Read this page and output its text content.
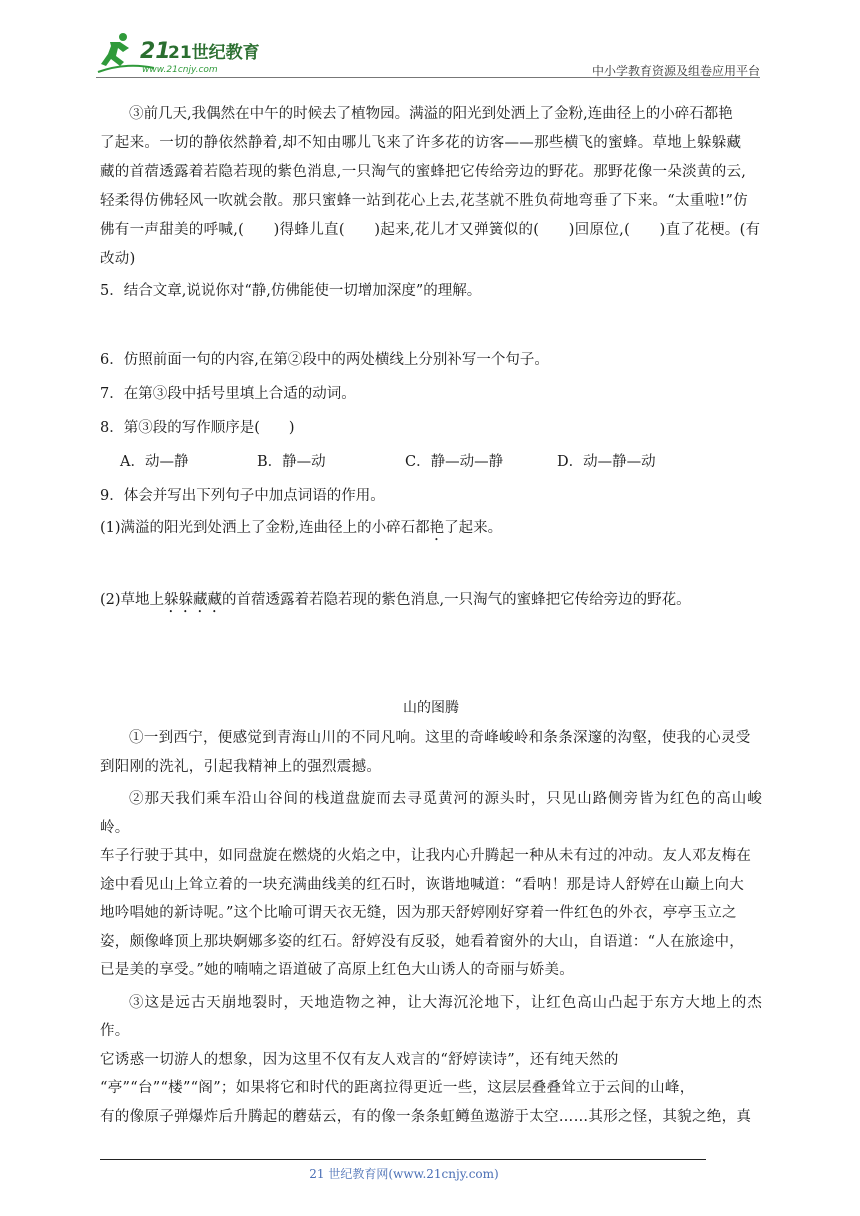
21
21世纪教育
www.21cnjy.com	中小学教育资源及组卷应用平台

③前几天,我偶然在中午的时候去了植物园。满溢的阳光到处洒上了金粉,连曲径上的小碎石都艳

了起来。一切的静依然静着,却不知由哪儿飞来了许多花的访客——那些横飞的蜜蜂。草地上躲躲藏

藏的首蓿透露着若隐若现的紫色消息,一只淘气的蜜蜂把它传给旁边的野花。那野花像一朵淡黄的云,

轻柔得仿佛轻风一吹就会散。那只蜜蜂一站到花心上去,花茎就不胜负荷地弯垂了下来。“太重啦!”仿

佛有一声甜美的呼喊,(　　)得蜂儿直(　　)起来,花儿才又弹簧似的(　　)回原位,(　　)直了花梗。(有

改动)

5．结合文章,说说你对“静,仿佛能使一切增加深度”的理解。

6．仿照前面一句的内容,在第②段中的两处横线上分别补写一个句子。

7．在第③段中括号里填上合适的动词。

8．第③段的写作顺序是(　　)

A．动—静	B．静—动	C．静—动—静	D．动—静—动

9．体会并写出下列句子中加点词语的作用。

(1)满溢的阳光到处洒上了金粉,连曲径上的小碎石都艳了起来。

(2)草地上躲躲藏藏的首蓿透露着若隐若现的紫色消息,一只淘气的蜜蜂把它传给旁边的野花。

山的图腾

①一到西宁，便感觉到青海山川的不同凡响。这里的奇峰峻岭和条条深邃的沟壑，使我的心灵受

到阳刚的洗礼，引起我精神上的强烈震撼。

②那天我们乘车沿山谷间的栈道盘旋而去寻觅黄河的源头时，只见山路侧旁皆为红色的高山峻岭。

车子行驶于其中，如同盘旋在燃烧的火焰之中，让我内心升腾起一种从未有过的冲动。友人邓友梅在

途中看见山上耸立着的一块充满曲线美的红石时，诙谐地喊道：“看呐！那是诗人舒婷在山巅上向大

地吟唱她的新诗呢。”这个比喻可谓天衣无缝，因为那天舒婷刚好穿着一件红色的外衣，亭亭玉立之

姿，颇像峰顶上那块婀娜多姿的红石。舒婷没有反驳，她看着窗外的大山，自语道：“人在旅途中，

已是美的享受。”她的喃喃之语道破了高原上红色大山诱人的奇丽与娇美。

③这是远古天崩地裂时，天地造物之神，让大海沉沦地下，让红色高山凸起于东方大地上的杰作。

它诱惑一切游人的想象，因为这里不仅有友人戏言的“舒婷读诗”，还有纯天然的

“亭”“台”“楼”“阁”；如果将它和时代的距离拉得更近一些，这层层叠叠耸立于云间的山峰，

有的像原子弹爆炸后升腾起的蘑菇云，有的像一条条虹鳟鱼遨游于太空……其形之怪，其貌之绝，真

21 世纪教育网(www.21cnjy.com)
